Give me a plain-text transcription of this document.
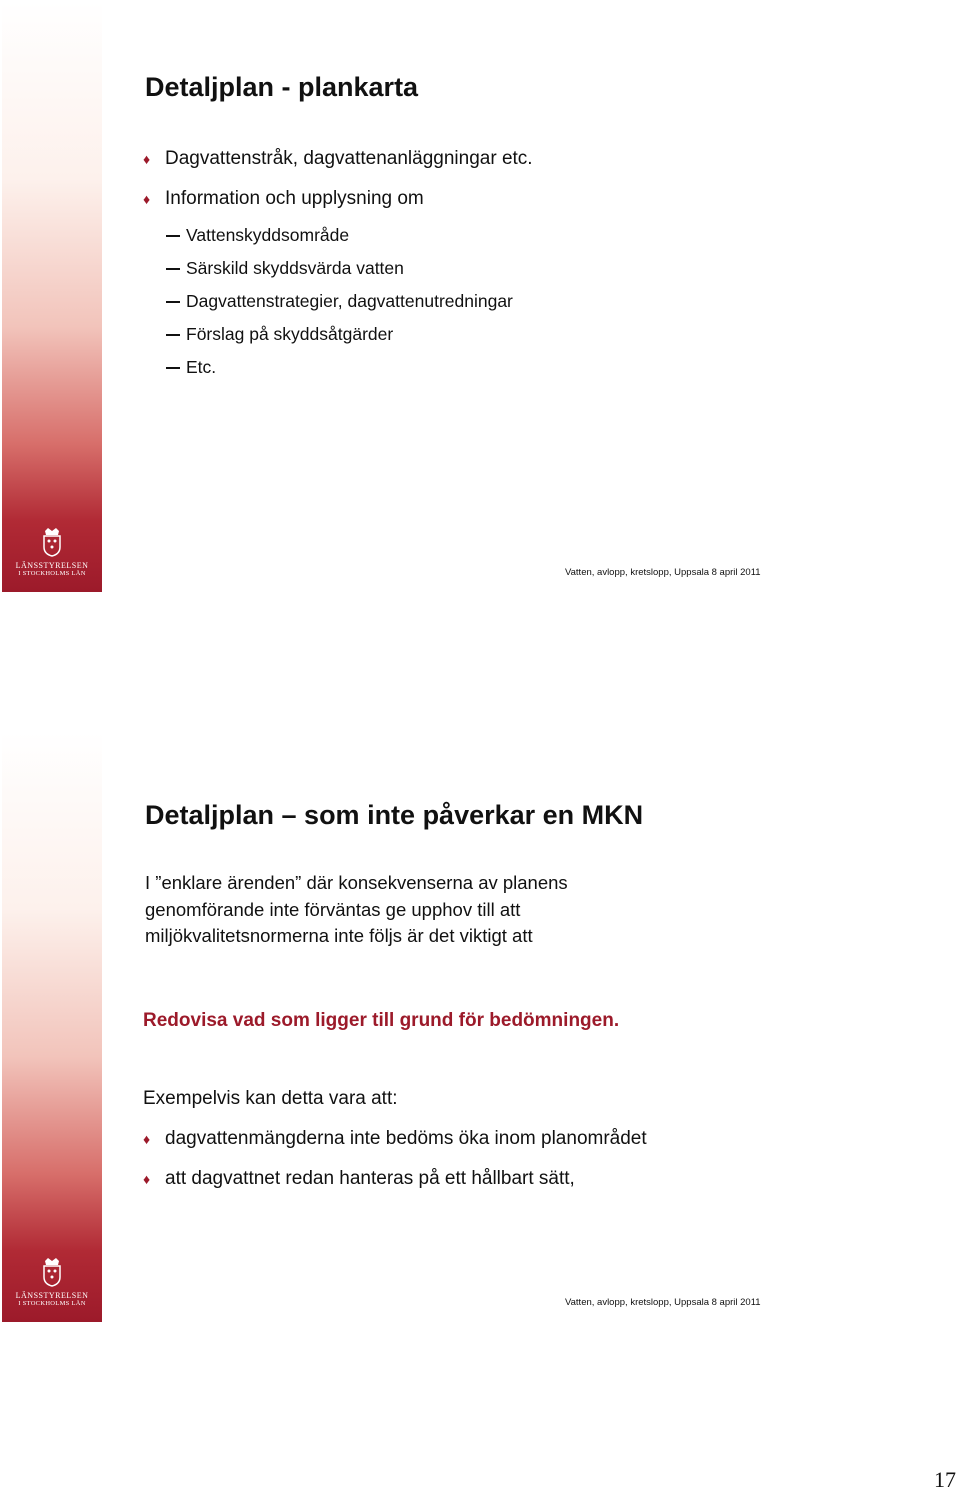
LÄNSSTYRELSEN
I STOCKHOLMS LÄN
Detaljplan - plankarta
♦ Dagvattenstråk, dagvattenanläggningar etc.
♦ Information och upplysning om
Vattenskyddsområde
Särskild skyddsvärda vatten
Dagvattenstrategier, dagvattenutredningar
Förslag på skyddsåtgärder
Etc.
Vatten, avlopp, kretslopp, Uppsala 8 april 2011
LÄNSSTYRELSEN
I STOCKHOLMS LÄN
Detaljplan – som inte påverkar en MKN
I ”enklare ärenden” där konsekvenserna av planens
genomförande inte förväntas ge upphov till att
miljökvalitetsnormerna inte följs är det viktigt att
Redovisa vad som ligger till grund för bedömningen.
Exempelvis kan detta vara att:
♦ dagvattenmängderna inte bedöms öka inom planområdet
♦ att dagvattnet redan hanteras på ett hållbart sätt,
Vatten, avlopp, kretslopp, Uppsala 8 april 2011
17
